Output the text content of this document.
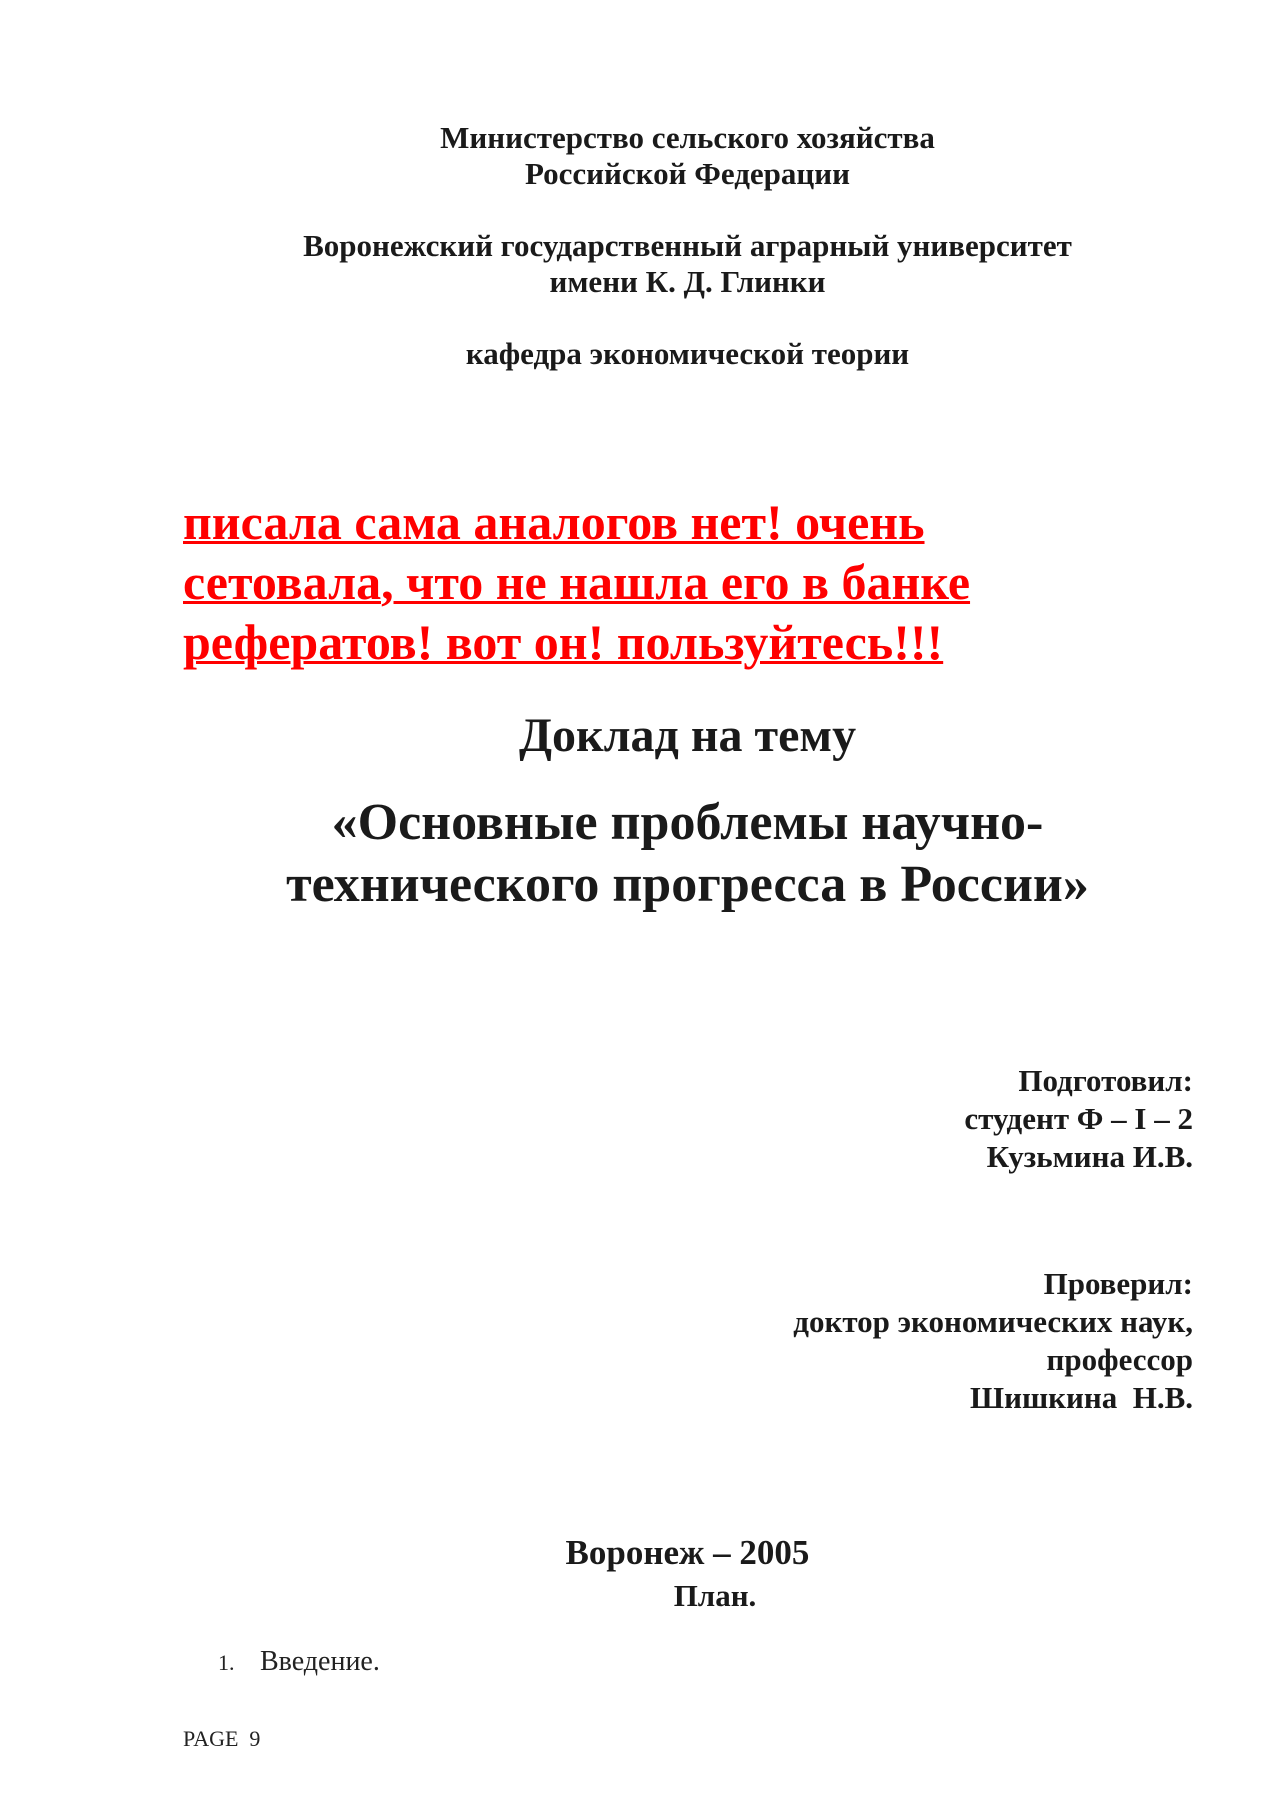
Министерство сельского хозяйства
Российской Федерации
Воронежский государственный аграрный университет
имени К. Д. Глинки
кафедра экономической теории
писала сама аналогов нет! очень
сетовала, что не нашла его в банке
рефератов! вот он! пользуйтесь!!!
Доклад на тему
«Основные проблемы научно-
технического прогресса в России»
Подготовил:
студент Ф – I – 2
Кузьмина И.В.
Проверил:
доктор экономических наук,
профессор
Шишкина  Н.В.
Воронеж – 2005
План.
1. Введение.
PAGE  9
